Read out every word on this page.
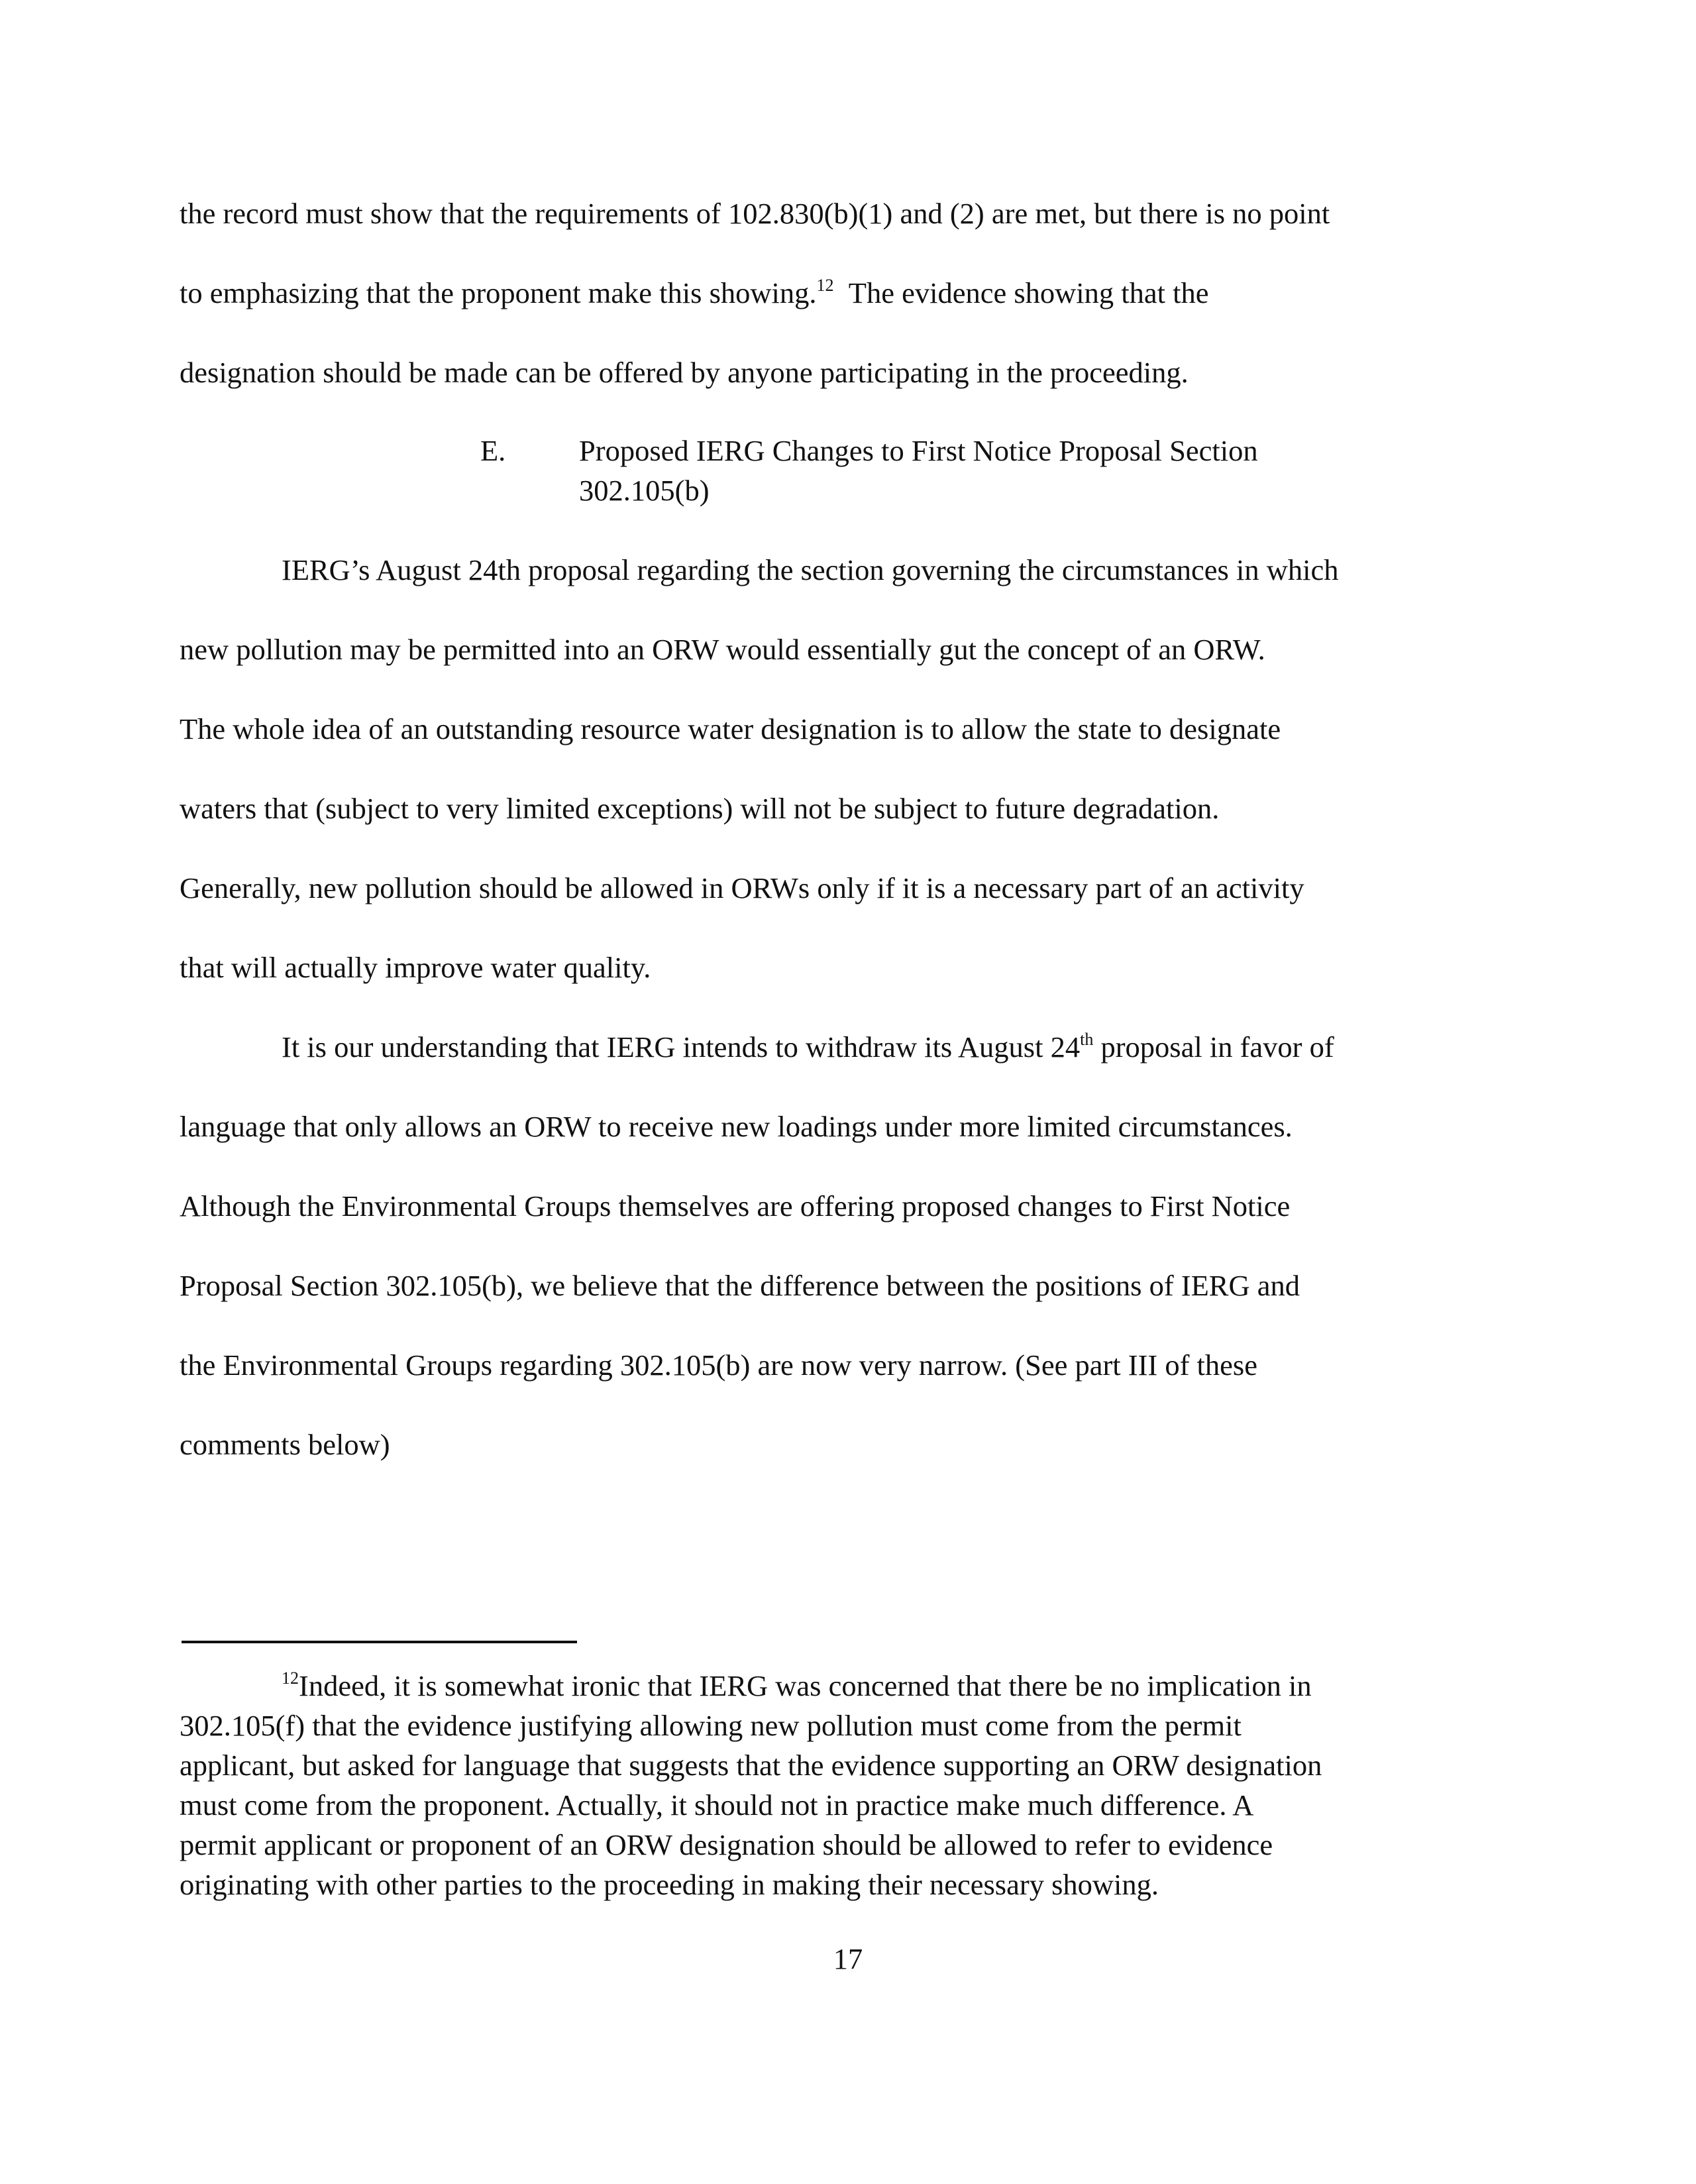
the record must show that the requirements of 102.830(b)(1) and (2) are met, but there is no point
to emphasizing that the proponent make this showing.$^{12}$ The evidence showing that the
designation should be made can be offered by anyone participating in the proceeding.
E. Proposed IERG Changes to First Notice Proposal Section
302.105(b)
IERG’s August 24th proposal regarding the section governing the circumstances in which
new pollution may be permitted into an ORW would essentially gut the concept of an ORW.
The whole idea of an outstanding resource water designation is to allow the state to designate
waters that (subject to very limited exceptions) will not be subject to future degradation.
Generally, new pollution should be allowed in ORWs only if it is a necessary part of an activity
that will actually improve water quality.
It is our understanding that IERG intends to withdraw its August 24th proposal in favor of
language that only allows an ORW to receive new loadings under more limited circumstances.
Although the Environmental Groups themselves are offering proposed changes to First Notice
Proposal Section 302.105(b), we believe that the difference between the positions of IERG and
the Environmental Groups regarding 302.105(b) are now very narrow. (See part III of these
comments below)
$^{12}$Indeed, it is somewhat ironic that IERG was concerned that there be no implication in
302.105(f) that the evidence justifying allowing new pollution must come from the permit
applicant, but asked for language that suggests that the evidence supporting an ORW designation
must come from the proponent. Actually, it should not in practice make much difference. A
permit applicant or proponent of an ORW designation should be allowed to refer to evidence
originating with other parties to the proceeding in making their necessary showing.
17
